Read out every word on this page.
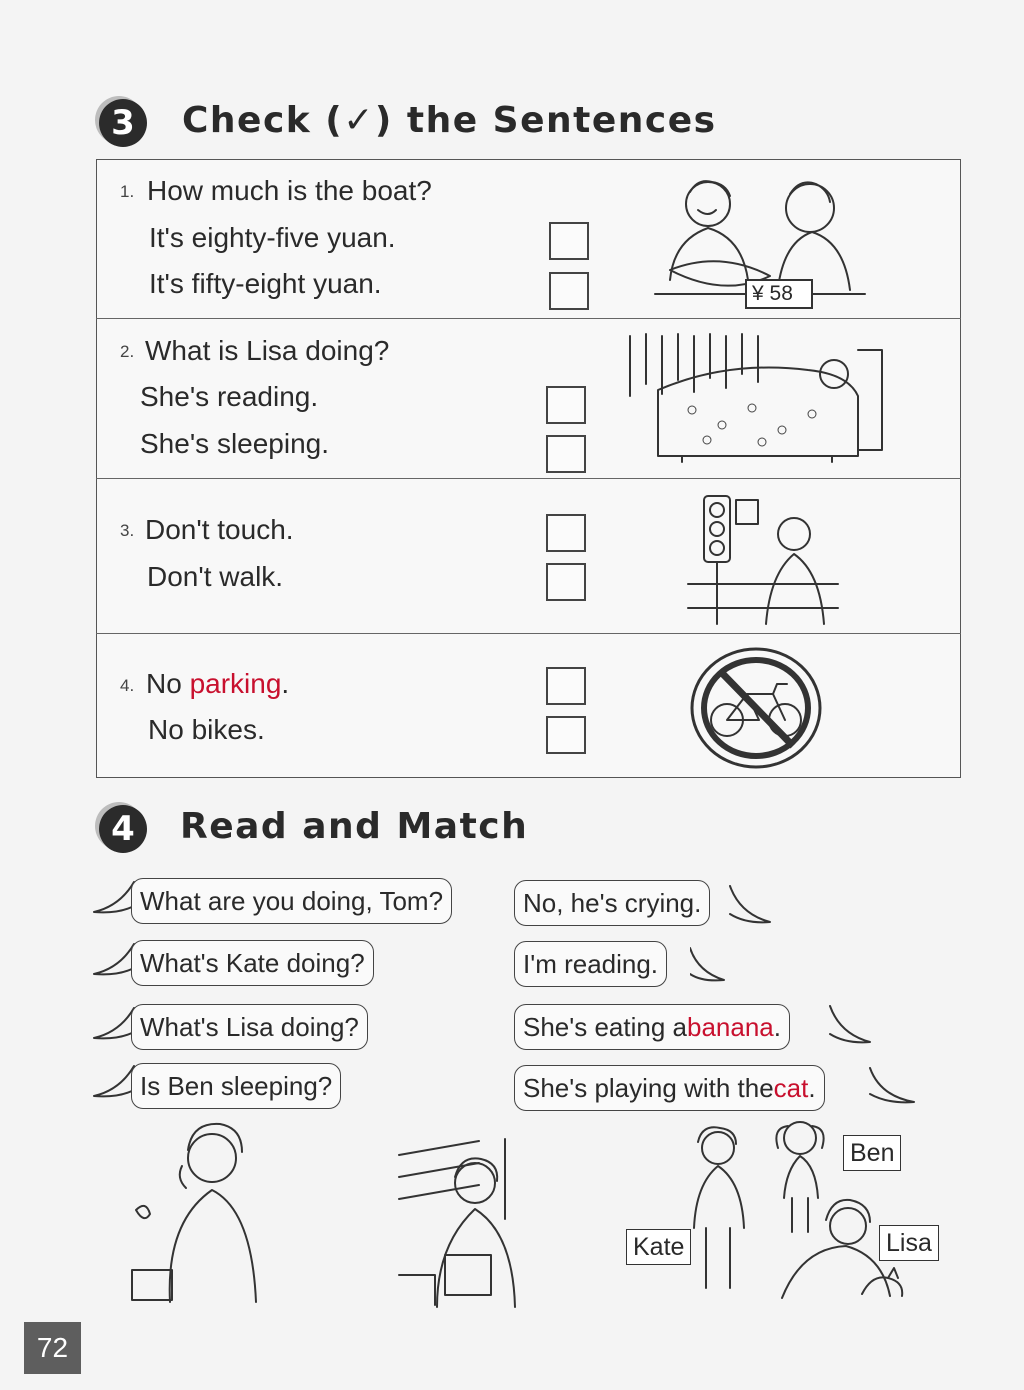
3	Check (✓) the Sentences
1. How much is the boat?
It's eighty-five yuan.
It's fifty-eight yuan.	¥ 58
2. What is Lisa doing?
She's reading.
She's sleeping.
3. Don't touch.
Don't walk.
4. No parking.
No bikes.
4	Read and Match
What are you doing, Tom?
What's Kate doing?
What's Lisa doing?
Is Ben sleeping?
No, he's crying.
I'm reading.
She's eating a banana .
She's playing with the cat .
Ben
Kate	Lisa
72
